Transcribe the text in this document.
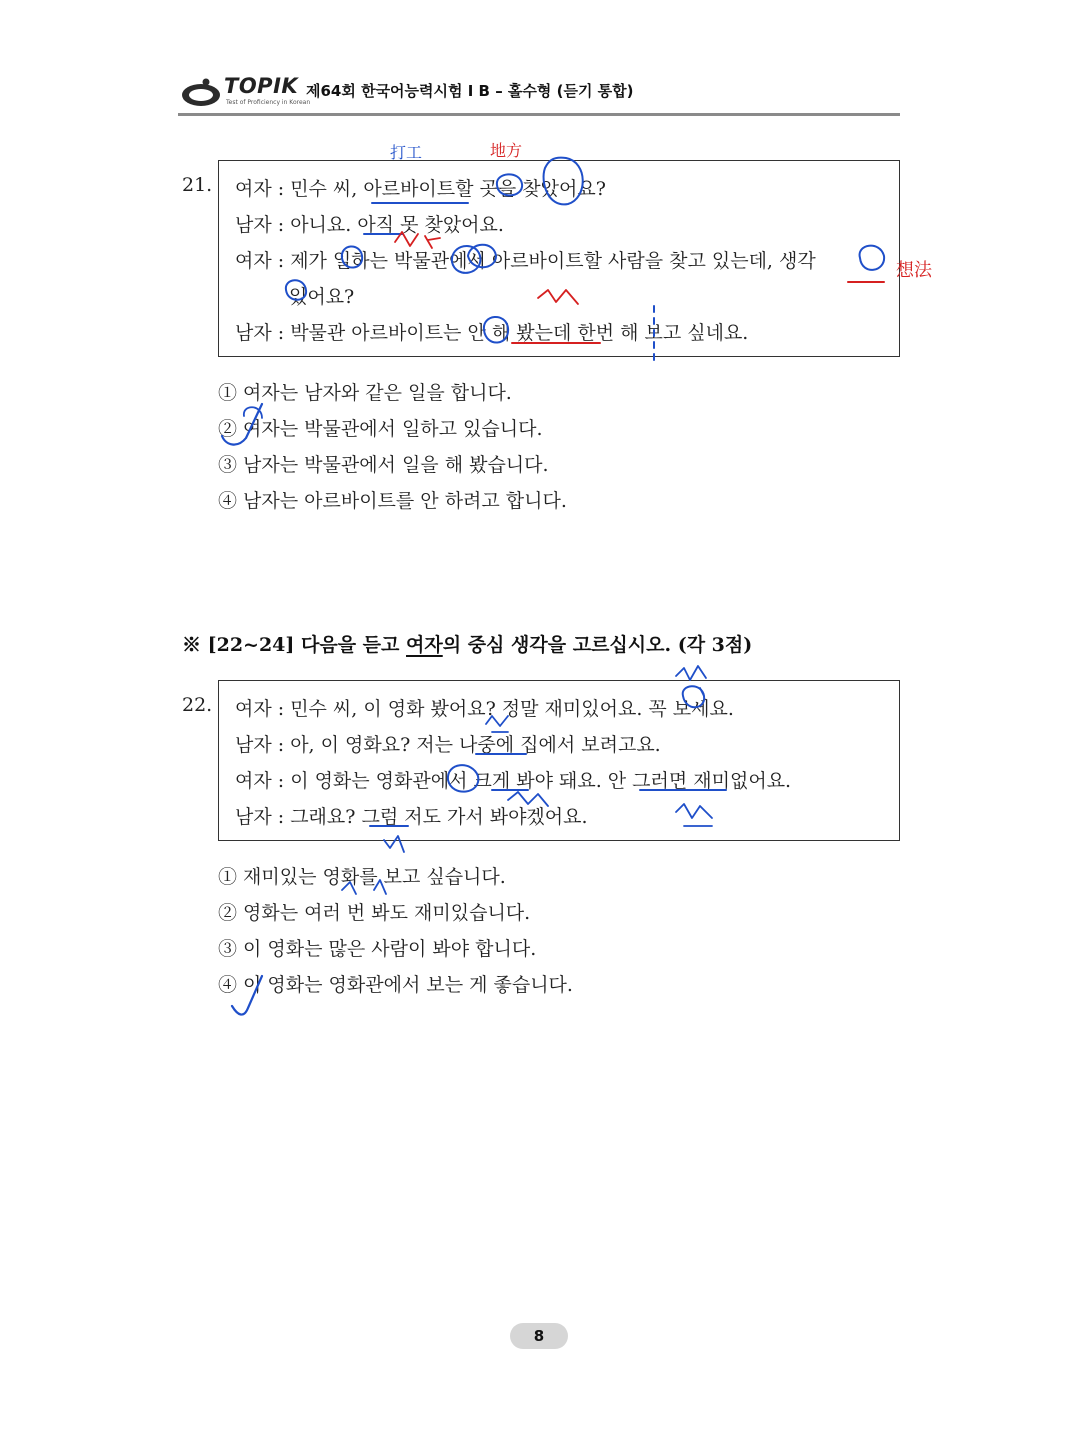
TOPIK
Test of Proficiency in Korean
제64회 한국어능력시험 I B – 홀수형 (듣기 통합)
21. 여자 : 민수 씨, 아르바이트할 곳을 찾았어요?
남자 : 아니요. 아직 못 찾았어요.
여자 : 제가 일하는 박물관에서 아르바이트할 사람을 찾고 있는데, 생각
있어요?
남자 : 박물관 아르바이트는 안 해 봤는데 한번 해 보고 싶네요.
① 여자는 남자와 같은 일을 합니다.
② 여자는 박물관에서 일하고 있습니다.
③ 남자는 박물관에서 일을 해 봤습니다.
④ 남자는 아르바이트를 안 하려고 합니다.
※ [22~24] 다음을 듣고 여자의 중심 생각을 고르십시오. (각 3점)
22. 여자 : 민수 씨, 이 영화 봤어요? 정말 재미있어요. 꼭 보세요.
남자 : 아, 이 영화요? 저는 나중에 집에서 보려고요.
여자 : 이 영화는 영화관에서 크게 봐야 돼요. 안 그러면 재미없어요.
남자 : 그래요? 그럼 저도 가서 봐야겠어요.
① 재미있는 영화를 보고 싶습니다.
② 영화는 여러 번 봐도 재미있습니다.
③ 이 영화는 많은 사람이 봐야 합니다.
④ 이 영화는 영화관에서 보는 게 좋습니다.
8
打工	地方
想法
